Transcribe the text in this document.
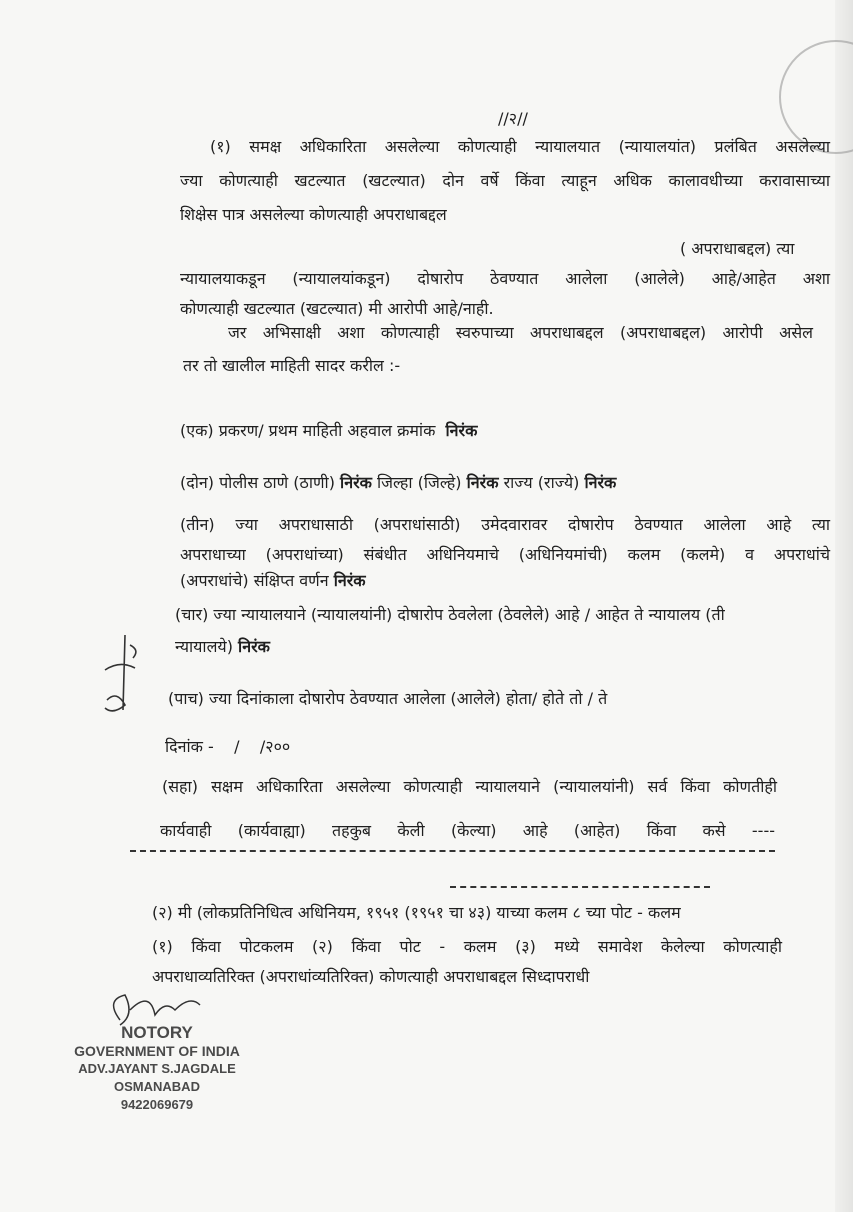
//२//
(१) समक्ष अधिकारिता असलेल्या कोणत्याही न्यायालयात (न्यायालयांत) प्रलंबित असलेल्या
ज्या कोणत्याही खटल्यात (खटल्यात) दोन वर्षे किंवा त्याहून अधिक कालावधीच्या करावासाच्या
शिक्षेस पात्र असलेल्या कोणत्याही अपराधाबद्दल
( अपराधाबद्दल) त्या
न्यायालयाकडून (न्यायालयांकडून) दोषारोप ठेवण्यात आलेला (आलेले) आहे/आहेत अशा
कोणत्याही खटल्यात (खटल्यात) मी आरोपी आहे/नाही.
जर अभिसाक्षी अशा कोणत्याही स्वरुपाच्या अपराधाबद्दल (अपराधाबद्दल) आरोपी असेल
तर तो खालील माहिती सादर करील :-
(एक) प्रकरण/ प्रथम माहिती अहवाल क्रमांक निरंक
(दोन) पोलीस ठाणे (ठाणी) निरंक जिल्हा (जिल्हे) निरंक राज्य (राज्ये) निरंक
(तीन) ज्या अपराधासाठी (अपराधांसाठी) उमेदवारावर दोषारोप ठेवण्यात आलेला आहे त्या
अपराधाच्या (अपराधांच्या) संबंधीत अधिनियमाचे (अधिनियमांची) कलम (कलमे) व अपराधांचे
(अपराधांचे) संक्षिप्त वर्णन निरंक
(चार) ज्या न्यायालयाने (न्यायालयांनी) दोषारोप ठेवलेला (ठेवलेले) आहे / आहेत ते न्यायालय (ती
न्यायालये) निरंक
(पाच) ज्या दिनांकाला दोषारोप ठेवण्यात आलेला (आलेले) होता/ होते तो / ते
दिनांक -    /    /२००
(सहा) सक्षम अधिकारिता असलेल्या कोणत्याही न्यायालयाने (न्यायालयांनी) सर्व किंवा कोणतीही
कार्यवाही (कार्यवाह्या) तहकुब केली (केल्या) आहे (आहेत) किंवा कसे ----
(२) मी (लोकप्रतिनिधित्व अधिनियम, १९५१ (१९५१ चा ४३) याच्या कलम ८ च्या पोट - कलम
(१) किंवा पोटकलम (२) किंवा पोट - कलम (३) मध्ये समावेश केलेल्या कोणत्याही
अपराधाव्यतिरिक्त (अपराधांव्यतिरिक्त) कोणत्याही अपराधाबद्दल सिध्दापराधी
NOTORY
GOVERNMENT OF INDIA
ADV.JAYANT S.JAGDALE
OSMANABAD
9422069679
